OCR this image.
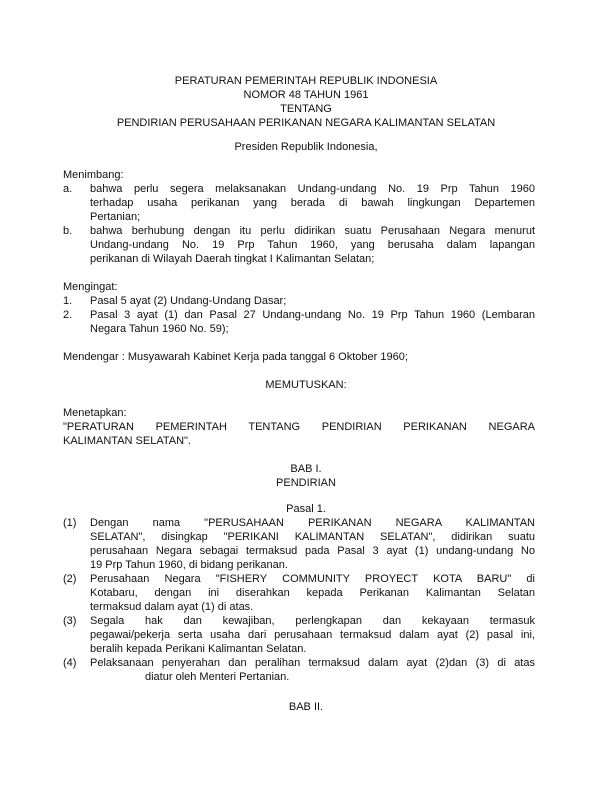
PERATURAN PEMERINTAH REPUBLIK INDONESIA
NOMOR 48 TAHUN 1961
TENTANG
PENDIRIAN PERUSAHAAN PERIKANAN NEGARA KALIMANTAN SELATAN
Presiden Republik Indonesia,
Menimbang:
a.	bahwa perlu segera melaksanakan Undang-undang No. 19 Prp Tahun 1960
terhadap usaha perikanan yang berada di bawah lingkungan Departemen
Pertanian;
b.	bahwa berhubung dengan itu perlu didirikan suatu Perusahaan Negara menurut
Undang-undang No. 19 Prp Tahun 1960, yang berusaha dalam lapangan
perikanan di Wilayah Daerah tingkat I Kalimantan Selatan;
Mengingat:
1.	Pasal 5 ayat (2) Undang-Undang Dasar;
2.	Pasal 3 ayat (1) dan Pasal 27 Undang-undang No. 19 Prp Tahun 1960 (Lembaran
Negara Tahun 1960 No. 59);
Mendengar : Musyawarah Kabinet Kerja pada tanggal 6 Oktober 1960;
MEMUTUSKAN:
Menetapkan:
"PERATURAN PEMERINTAH TENTANG PENDIRIAN PERIKANAN NEGARA
KALIMANTAN SELATAN".
BAB I.
PENDIRIAN
Pasal 1.
(1)	Dengan nama "PERUSAHAAN PERIKANAN NEGARA KALIMANTAN
SELATAN", disingkap "PERIKANI KALIMANTAN SELATAN", didirikan suatu
perusahaan Negara sebagai termaksud pada Pasal 3 ayat (1) undang-undang No
19 Prp Tahun 1960, di bidang perikanan.
(2)	Perusahaan Negara "FISHERY COMMUNITY PROYECT KOTA BARU" di
Kotabaru, dengan ini diserahkan kepada Perikanan Kalimantan Selatan
termaksud dalam ayat (1) di atas.
(3)	Segala hak dan kewajiban, perlengkapan dan kekayaan termasuk
pegawai/pekerja serta usaha dari perusahaan termaksud dalam ayat (2) pasal ini,
beralih kepada Perikani Kalimantan Selatan.
(4)	Pelaksanaan penyerahan dan peralihan termaksud dalam ayat (2)dan (3) di atas
diatur oleh Menteri Pertanian.
BAB II.
